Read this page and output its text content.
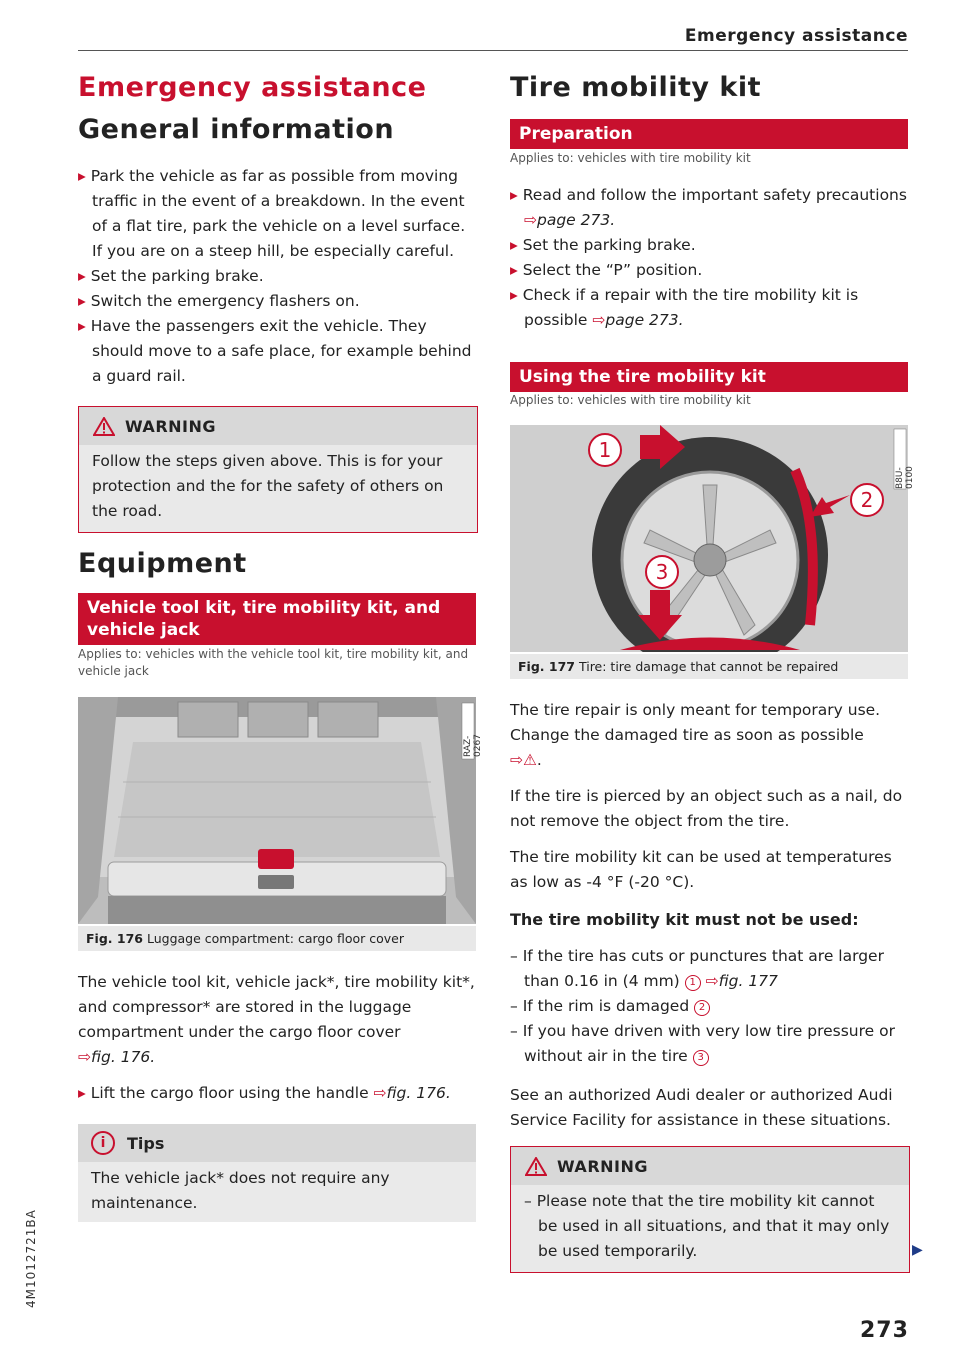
Emergency assistance
4M1012721BA
Emergency assistance
General information

▸ Park the vehicle as far as possible from moving traffic in the event of a breakdown. In the event of a flat tire, park the vehicle on a level surface. If you are on a steep hill, be especially careful.

▸ Set the parking brake.

▸ Switch the emergency flashers on.

▸ Have the passengers exit the vehicle. They should move to a safe place, for example behind a guard rail.

WARNING
Follow the steps given above. This is for your protection and the for the safety of others on the road.
Equipment
Vehicle tool kit, tire mobility kit, and vehicle jack
Applies to: vehicles with the vehicle tool kit, tire mobility kit, and vehicle jack
RAZ-0267
Fig. 176 Luggage compartment: cargo floor cover
The vehicle tool kit, vehicle jack*, tire mobility kit*, and compressor* are stored in the luggage compartment under the cargo floor cover
⇨fig. 176.

▸ Lift the cargo floor using the handle ⇨fig. 176.

i	Tips
The vehicle jack* does not require any maintenance.
Tire mobility kit
Preparation
Applies to: vehicles with tire mobility kit

▸ Read and follow the important safety precautions ⇨page 273.

▸ Set the parking brake.

▸ Select the “P” position.

▸ Check if a repair with the tire mobility kit is possible ⇨page 273.

Using the tire mobility kit
Applies to: vehicles with tire mobility kit
1
2
3
B8U-0100
Fig. 177 Tire: tire damage that cannot be repaired
The tire repair is only meant for temporary use. Change the damaged tire as soon as possible
⇨⚠.
If the tire is pierced by an object such as a nail, do not remove the object from the tire.
The tire mobility kit can be used at temperatures as low as -4 °F (-20 °C).
The tire mobility kit must not be used:

– If the tire has cuts or punctures that are larger than 0.16 in (4 mm) 1 ⇨fig. 177

– If the rim is damaged 2

– If you have driven with very low tire pressure or without air in the tire 3

See an authorized Audi dealer or authorized Audi Service Facility for assistance in these situations.
WARNING

– Please note that the tire mobility kit cannot be used in all situations, and that it may only be used temporarily.	▶
273
